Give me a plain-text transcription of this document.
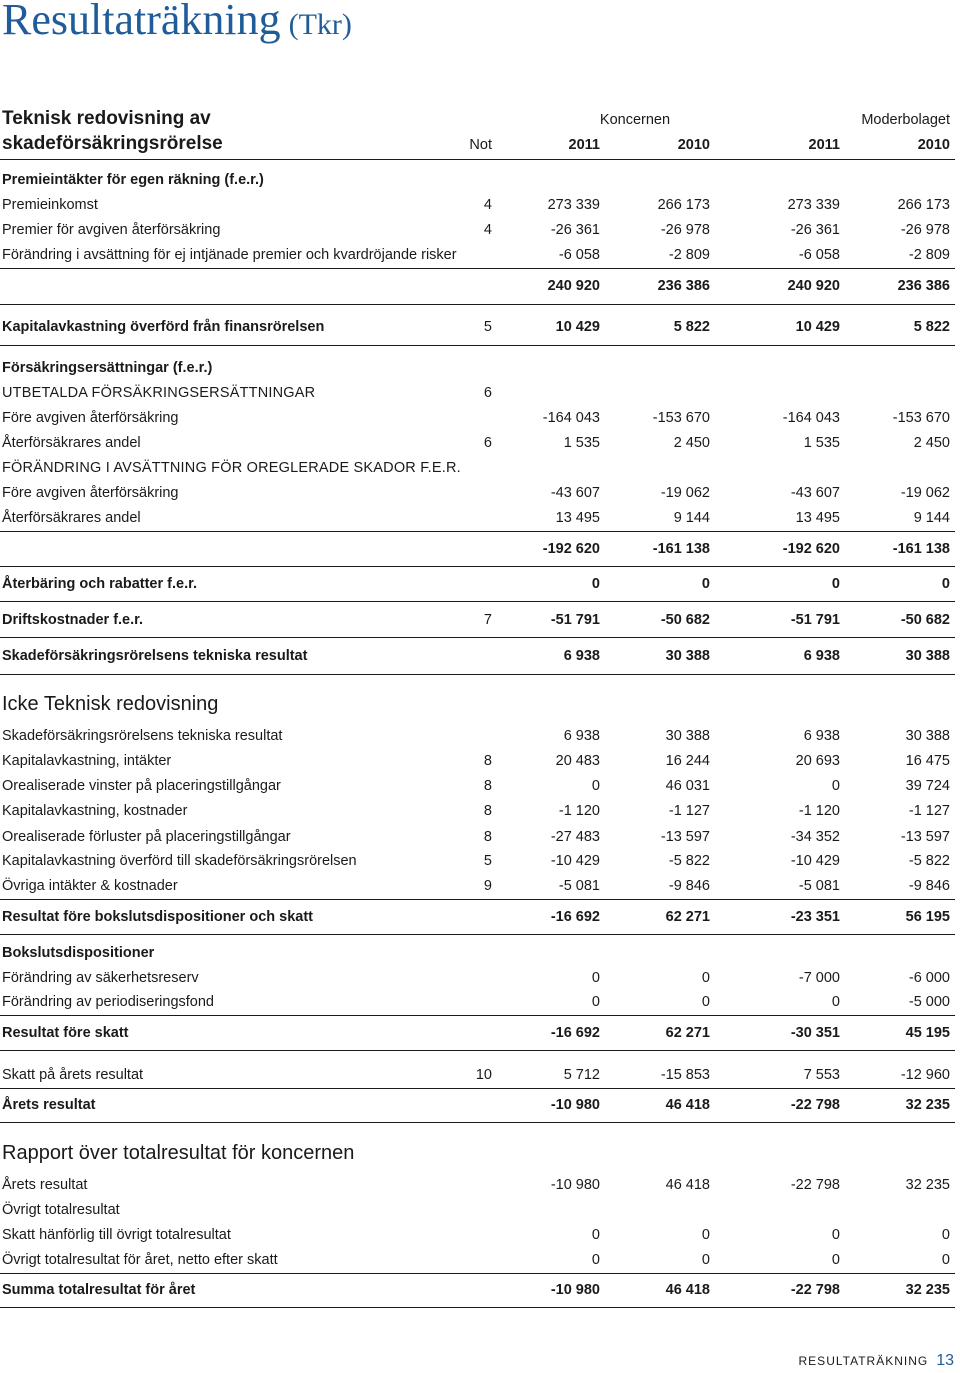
Resultaträkning (Tkr)
Teknisk redovisning av
skadeförsäkringsrörelse
Koncernen	Moderbolaget
Not	2011	2010	2011	2010
Premieintäkter för egen räkning (f.e.r.)
Premieinkomst	4	273 339	266 173	273 339	266 173
Premier för avgiven återförsäkring	4	-26 361	-26 978	-26 361	-26 978
Förändring i avsättning för ej intjänade premier och kvardröjande risker	-6 058	-2 809	-6 058	-2 809
240 920	236 386	240 920	236 386
Kapitalavkastning överförd från finansrörelsen	5	10 429	5 822	10 429	5 822
Försäkringsersättningar (f.e.r.)
UTBETALDA FÖRSÄKRINGSERSÄTTNINGAR	6
Före avgiven återförsäkring	-164 043	-153 670	-164 043	-153 670
Återförsäkrares andel	6	1 535	2 450	1 535	2 450
FÖRÄNDRING I AVSÄTTNING FÖR OREGLERADE SKADOR F.E.R.
Före avgiven återförsäkring	-43 607	-19 062	-43 607	-19 062
Återförsäkrares andel	13 495	9 144	13 495	9 144
-192 620	-161 138	-192 620	-161 138
Återbäring och rabatter f.e.r.	0	0	0	0
Driftskostnader f.e.r.	7	-51 791	-50 682	-51 791	-50 682
Skadeförsäkringsrörelsens tekniska resultat	6 938	30 388	6 938	30 388
Icke Teknisk redovisning
Skadeförsäkringsrörelsens tekniska resultat	6 938	30 388	6 938	30 388
Kapitalavkastning, intäkter	8	20 483	16 244	20 693	16 475
Orealiserade vinster på placeringstillgångar	8	0	46 031	0	39 724
Kapitalavkastning, kostnader	8	-1 120	-1 127	-1 120	-1 127
Orealiserade förluster på placeringstillgångar	8	-27 483	-13 597	-34 352	-13 597
Kapitalavkastning överförd till skadeförsäkringsrörelsen	5	-10 429	-5 822	-10 429	-5 822
Övriga intäkter & kostnader	9	-5 081	-9 846	-5 081	-9 846
Resultat före bokslutsdispositioner och skatt	-16 692	62 271	-23 351	56 195
Bokslutsdispositioner
Förändring av säkerhetsreserv	0	0	-7 000	-6 000
Förändring av periodiseringsfond	0	0	0	-5 000
Resultat före skatt	-16 692	62 271	-30 351	45 195
Skatt på årets resultat	10	5 712	-15 853	7 553	-12 960
Årets resultat	-10 980	46 418	-22 798	32 235
Rapport över totalresultat för koncernen
Årets resultat	-10 980	46 418	-22 798	32 235
Övrigt totalresultat
Skatt hänförlig till övrigt totalresultat	0	0	0	0
Övrigt totalresultat för året, netto efter skatt	0	0	0	0
Summa totalresultat för året	-10 980	46 418	-22 798	32 235
RESULTATRÄKNING 13
